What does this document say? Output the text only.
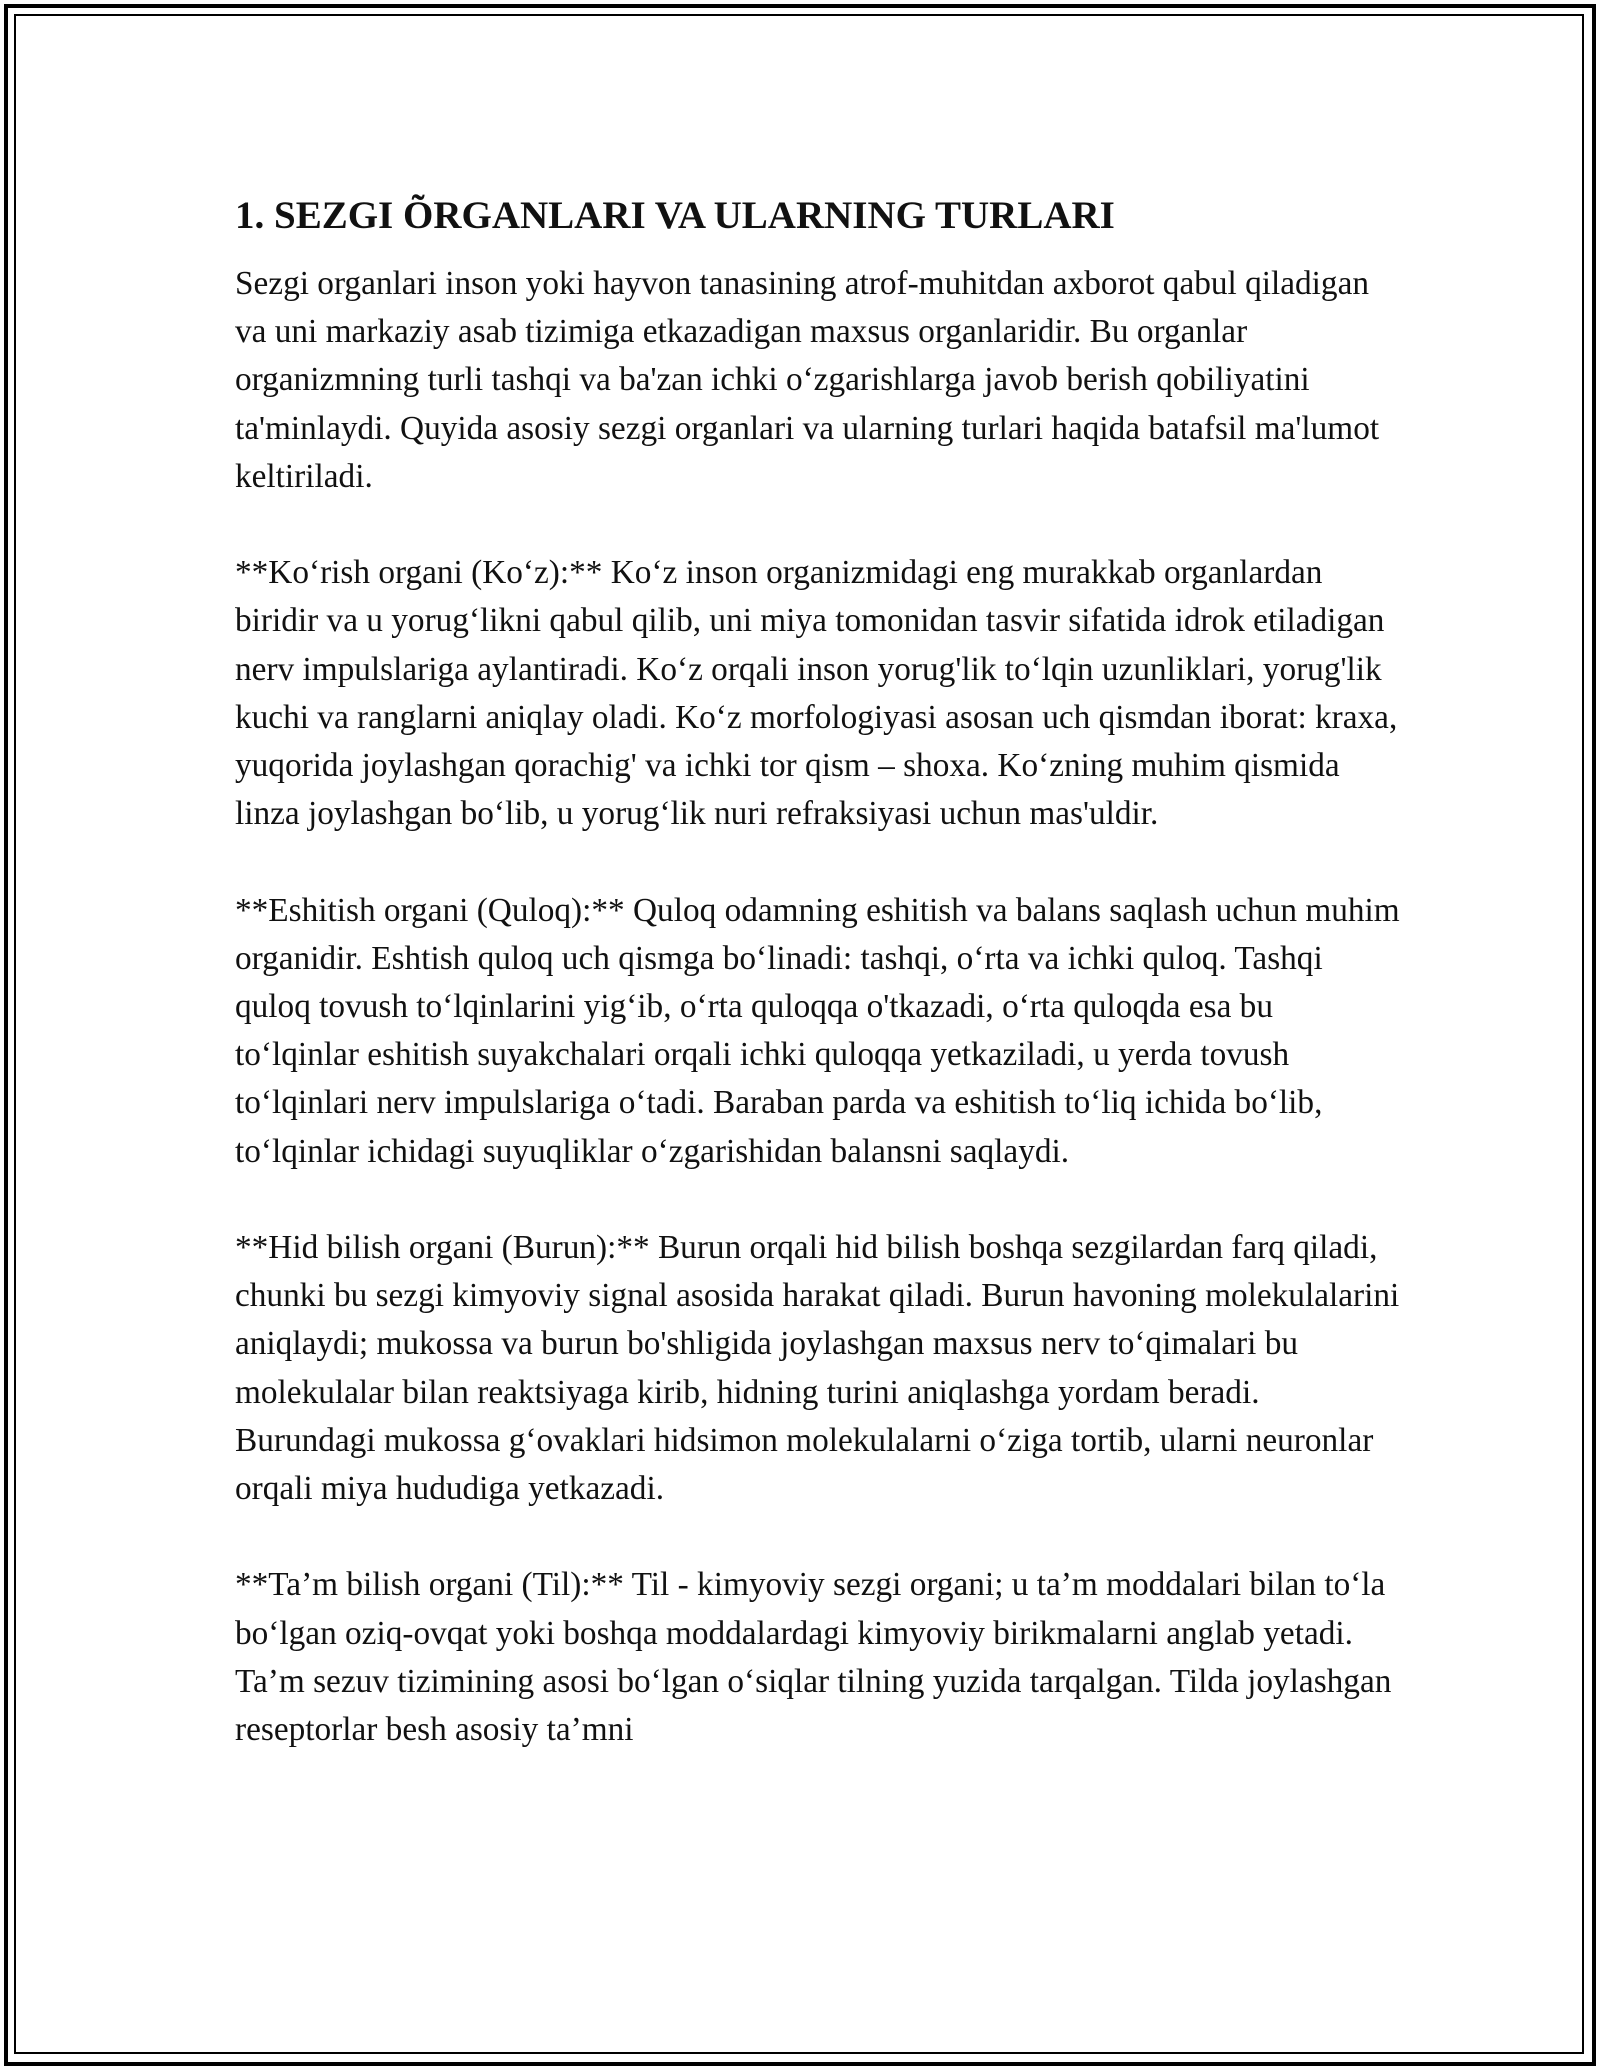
1. SEZGI ÕRGANLARI VA ULARNING TURLARI

Sezgi organlari inson yoki hayvon tanasining atrof-muhitdan axborot qabul qiladigan va uni markaziy asab tizimiga etkazadigan maxsus organlaridir. Bu organlar organizmning turli tashqi va ba'zan ichki o‘zgarishlarga javob berish qobiliyatini ta'minlaydi. Quyida asosiy sezgi organlari va ularning turlari haqida batafsil ma'lumot keltiriladi.

**Ko‘rish organi (Ko‘z):** Ko‘z inson organizmidagi eng murakkab organlardan biridir va u yorug‘likni qabul qilib, uni miya tomonidan tasvir sifatida idrok etiladigan nerv impulslariga aylantiradi. Ko‘z orqali inson yorug'lik to‘lqin uzunliklari, yorug'lik kuchi va ranglarni aniqlay oladi. Ko‘z morfologiyasi asosan uch qismdan iborat: kraxa, yuqorida joylashgan qorachig' va ichki tor qism – shoxa. Ko‘zning muhim qismida linza joylashgan bo‘lib, u yorug‘lik nuri refraksiyasi uchun mas'uldir.

**Eshitish organi (Quloq):** Quloq odamning eshitish va balans saqlash uchun muhim organidir. Eshtish quloq uch qismga bo‘linadi: tashqi, o‘rta va ichki quloq. Tashqi quloq tovush to‘lqinlarini yig‘ib, o‘rta quloqqa o'tkazadi, o‘rta quloqda esa bu to‘lqinlar eshitish suyakchalari orqali ichki quloqqa yetkaziladi, u yerda tovush to‘lqinlari nerv impulslariga o‘tadi. Baraban parda va eshitish to‘liq ichida bo‘lib, to‘lqinlar ichidagi suyuqliklar o‘zgarishidan balansni saqlaydi.

**Hid bilish organi (Burun):** Burun orqali hid bilish boshqa sezgilardan farq qiladi, chunki bu sezgi kimyoviy signal asosida harakat qiladi. Burun havoning molekulalarini aniqlaydi; mukossa va burun bo'shligida joylashgan maxsus nerv to‘qimalari bu molekulalar bilan reaktsiyaga kirib, hidning turini aniqlashga yordam beradi. Burundagi mukossa g‘ovaklari hidsimon molekulalarni o‘ziga tortib, ularni neuronlar orqali miya hududiga yetkazadi.

**Ta’m bilish organi (Til):** Til - kimyoviy sezgi organi; u ta’m moddalari bilan to‘la bo‘lgan oziq-ovqat yoki boshqa moddalardagi kimyoviy birikmalarni anglab yetadi. Ta’m sezuv tizimining asosi bo‘lgan o‘siqlar tilning yuzida tarqalgan. Tilda joylashgan reseptorlar besh asosiy ta’mni
